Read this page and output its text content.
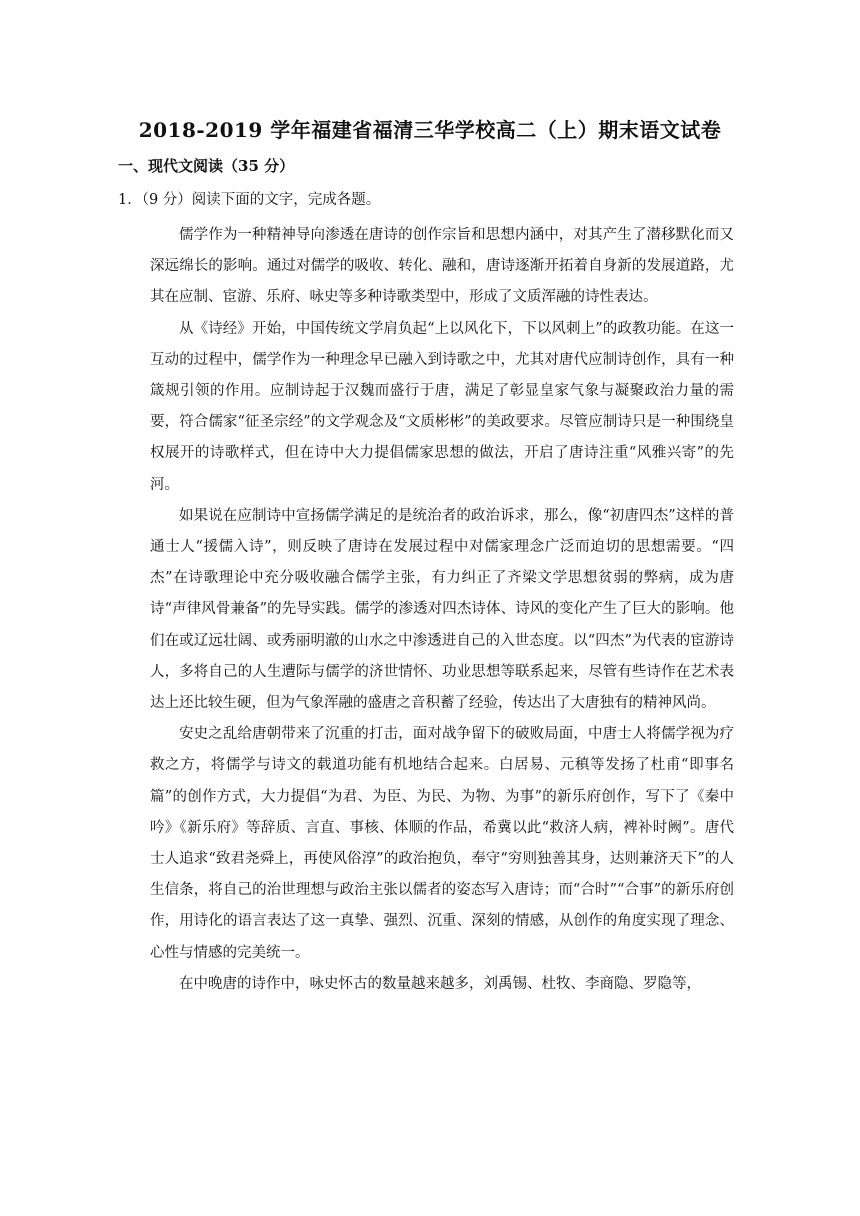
2018-2019 学年福建省福清三华学校高二（上）期末语文试卷
一、现代文阅读（35 分）
1．（9 分）阅读下面的文字，完成各题。

儒学作为一种精神导向渗透在唐诗的创作宗旨和思想内涵中，对其产生了潜移默化而又深远绵长的影响。通过对儒学的吸收、转化、融和，唐诗逐渐开拓着自身新的发展道路，尤其在应制、宦游、乐府、咏史等多种诗歌类型中，形成了文质浑融的诗性表达。

从《诗经》开始，中国传统文学肩负起“上以风化下，下以风刺上”的政教功能。在这一互动的过程中，儒学作为一种理念早已融入到诗歌之中，尤其对唐代应制诗创作，具有一种箴规引领的作用。应制诗起于汉魏而盛行于唐，满足了彰显皇家气象与凝聚政治力量的需要，符合儒家“征圣宗经”的文学观念及“文质彬彬”的美政要求。尽管应制诗只是一种围绕皇权展开的诗歌样式，但在诗中大力提倡儒家思想的做法，开启了唐诗注重“风雅兴寄”的先河。

如果说在应制诗中宣扬儒学满足的是统治者的政治诉求，那么，像“初唐四杰”这样的普通士人“援儒入诗”，则反映了唐诗在发展过程中对儒家理念广泛而迫切的思想需要。“四杰”在诗歌理论中充分吸收融合儒学主张，有力纠正了齐梁文学思想贫弱的弊病，成为唐诗“声律风骨兼备”的先导实践。儒学的渗透对四杰诗体、诗风的变化产生了巨大的影响。他们在或辽远壮阔、或秀丽明澈的山水之中渗透进自己的入世态度。以“四杰”为代表的宦游诗人，多将自己的人生遭际与儒学的济世情怀、功业思想等联系起来，尽管有些诗作在艺术表达上还比较生硬，但为气象浑融的盛唐之音积蓄了经验，传达出了大唐独有的精神风尚。

安史之乱给唐朝带来了沉重的打击，面对战争留下的破败局面，中唐士人将儒学视为疗救之方，将儒学与诗文的载道功能有机地结合起来。白居易、元稹等发扬了杜甫“即事名篇”的创作方式，大力提倡“为君、为臣、为民、为物、为事”的新乐府创作，写下了《秦中吟》《新乐府》等辞质、言直、事核、体顺的作品，希冀以此“救济人病，裨补时阙”。唐代士人追求“致君尧舜上，再使风俗淳”的政治抱负，奉守“穷则独善其身，达则兼济天下”的人生信条，将自己的治世理想与政治主张以儒者的姿态写入唐诗；而“合时”“合事”的新乐府创作，用诗化的语言表达了这一真挚、强烈、沉重、深刻的情感，从创作的角度实现了理念、心性与情感的完美统一。

在中晚唐的诗作中，咏史怀古的数量越来越多，刘禹锡、杜牧、李商隐、罗隐等，
